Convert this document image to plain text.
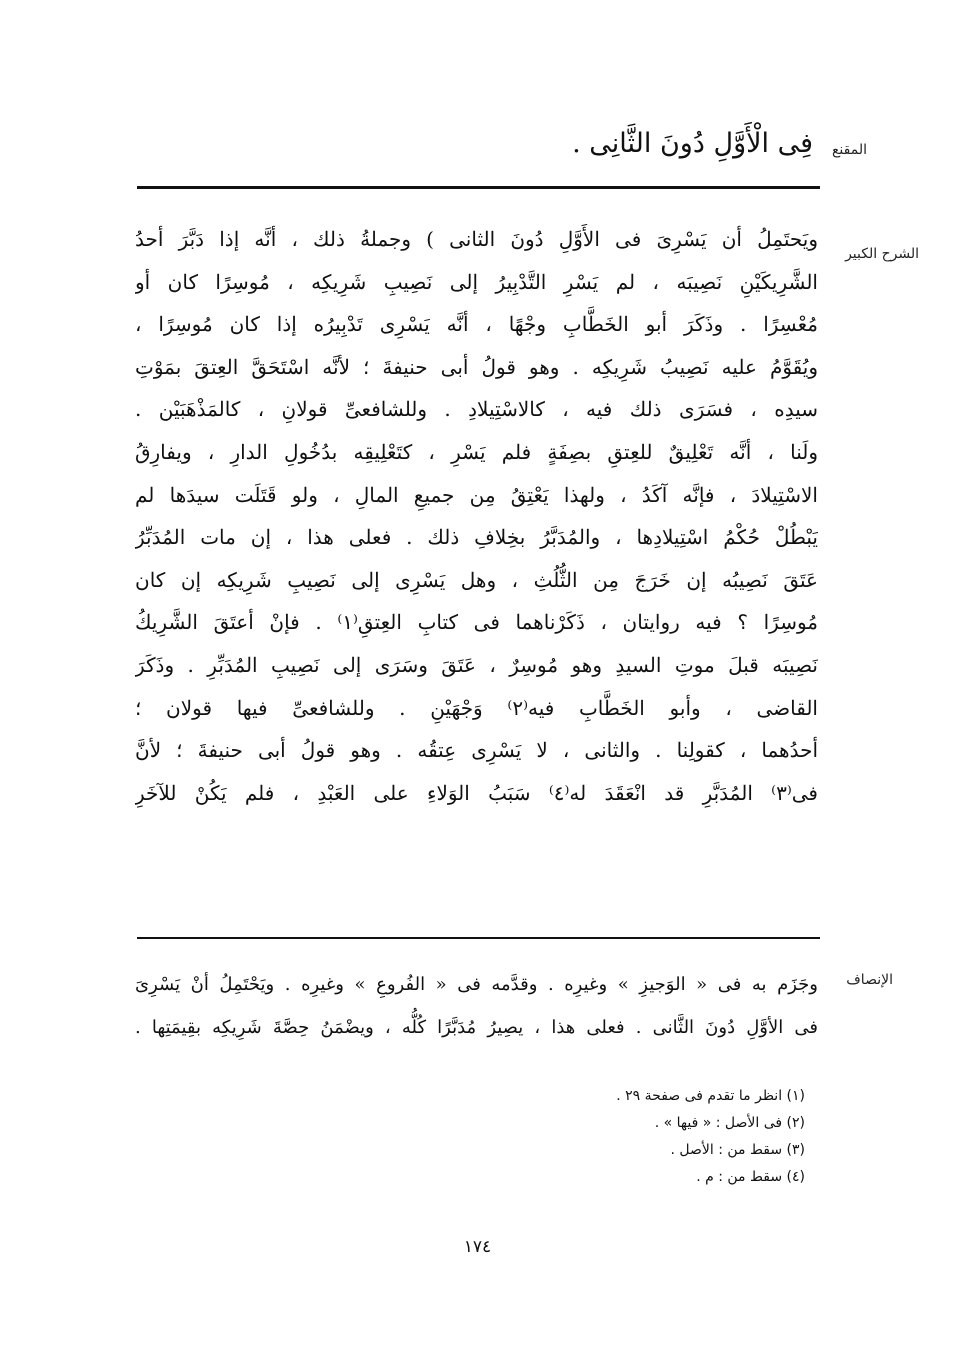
المقنع
فِى الْأَوَّلِ دُونَ الثَّانِى .
الشرح الكبير
ويَحتَمِلُ أن يَسْرِىَ فى الأَوَّلِ دُونَ الثانى ) وجملةُ ذلك ، أنَّه إذا دَبَّرَ أحدُ
الشَّرِيكَيْنِ نَصِيبَه ، لم يَسْرِ التَّدْبِيرُ إلى نَصِيبِ شَرِيكِه ، مُوسِرًا كان أو
مُعْسِرًا . وذَكَرَ أبو الخَطَّابِ وجْهًا ، أنَّه يَسْرِى تَدْبِيرُه إذا كان مُوسِرًا ،
ويُقَوَّمُ عليه نَصِيبُ شَرِيكِه . وهو قولُ أبى حنيفةَ ؛ لأنَّه اسْتَحَقَّ العِتقَ بمَوْتِ
سيدِه ، فسَرَى ذلك فيه ، كالاسْتِيلادِ . وللشافعىِّ قولانِ ، كالمَذْهَبَيْن .
ولَنا ، أنَّه تَعْلِيقٌ للعِتقِ بصِفَةٍ فلم يَسْرِ ، كتَعْلِيقِه بدُخُولِ الدارِ ، ويفارِقُ
الاسْتِيلادَ ، فإنَّه آكَدُ ، ولهذا يَعْتِقُ مِن جميعِ المالِ ، ولو قَتَلَت سيدَها لم
يَبْطُلْ حُكْمُ اسْتِيلادِها ، والمُدَبَّرُ بخِلافِ ذلك . فعلى هذا ، إن مات المُدَبِّرُ
عَتَقَ نَصِيبُه إن خَرَجَ مِن الثُّلُثِ ، وهل يَسْرِى إلى نَصِيبِ شَرِيكِه إن كان
مُوسِرًا ؟ فيه روايتان ، ذَكَرْناهما فى كتابِ العِتقِ⁽١⁾ . فإنْ أعتَقَ الشَّرِيكُ
نَصِيبَه قبلَ موتِ السيدِ وهو مُوسِرٌ ، عَتَقَ وسَرَى إلى نَصِيبِ المُدَبِّرِ . وذَكَرَ
القاضى ، وأبو الخَطَّابِ فيه⁽٢⁾ وَجْهَيْنِ . وللشافعىِّ فيها قولان ؛
أحدُهما ، كقولِنا . والثانى ، لا يَسْرِى عِتقُه . وهو قولُ أبى حنيفةَ ؛ لأنَّ
فى⁽٣⁾ المُدَبَّرِ قد انْعَقَدَ له⁽٤⁾ سَبَبُ الوَلاءِ على العَبْدِ ، فلم يَكُنْ للآخَرِ
الإنصاف
وجَزَم به فى « الوَجيزِ » وغيرِه . وقدَّمه فى « الفُروعِ » وغيرِه . ويَحْتَمِلُ أنْ يَسْرِىَ
فى الأوَّلِ دُونَ الثَّانى . فعلى هذا ، يصِيرُ مُدَبَّرًا كُلُّه ، ويضْمَنُ حِصَّةَ شَرِيكِه بقِيمَتِها .
(١) انظر ما تقدم فى صفحة ٢٩ .
(٢) فى الأصل : « فيها » .
(٣) سقط من : الأصل .
(٤) سقط من : م .
١٧٤
